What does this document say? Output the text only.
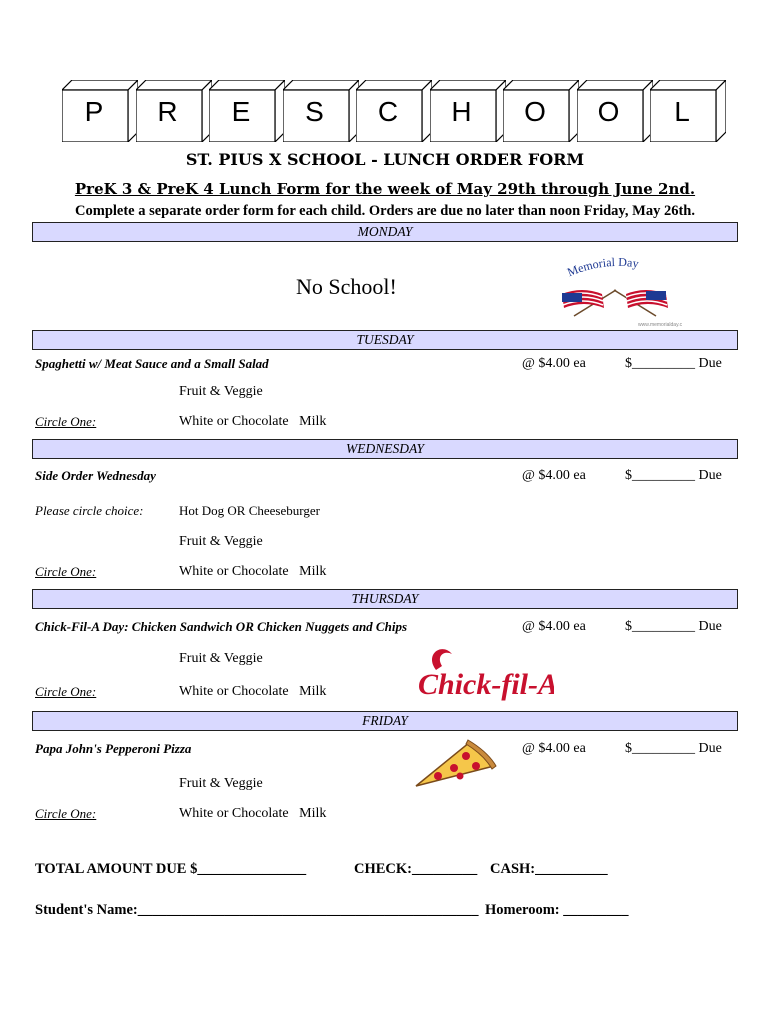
P	R	E	S	C	H	O	O	L
ST. PIUS X SCHOOL - LUNCH ORDER FORM
PreK 3 & PreK 4 Lunch Form for the week of May 29th through June 2nd.
Complete a separate order form for each child. Orders are due no later than noon Friday, May 26th.
MONDAY
No School!
Memorial Day
www.memorialday.c
TUESDAY
Spaghetti w/ Meat Sauce and a Small Salad	@ $4.00 ea	$_________ Due
Fruit & Veggie
Circle One:	White or Chocolate   Milk
WEDNESDAY
Side Order Wednesday	@ $4.00 ea	$_________ Due
Please circle choice:	Hot Dog OR Cheeseburger
Fruit & Veggie
Circle One:	White or Chocolate   Milk
THURSDAY
Chick-Fil-A Day: Chicken Sandwich OR Chicken Nuggets and Chips	@ $4.00 ea	$_________ Due
Fruit & Veggie
Circle One:	White or Chocolate   Milk	Chick-fil-A
FRIDAY
Papa John's Pepperoni Pizza	@ $4.00 ea	$_________ Due
Fruit & Veggie
Circle One:	White or Chocolate   Milk
TOTAL AMOUNT DUE $_______________	CHECK:_________ CASH:__________
Student's Name:_______________________________________________ Homeroom: _________
